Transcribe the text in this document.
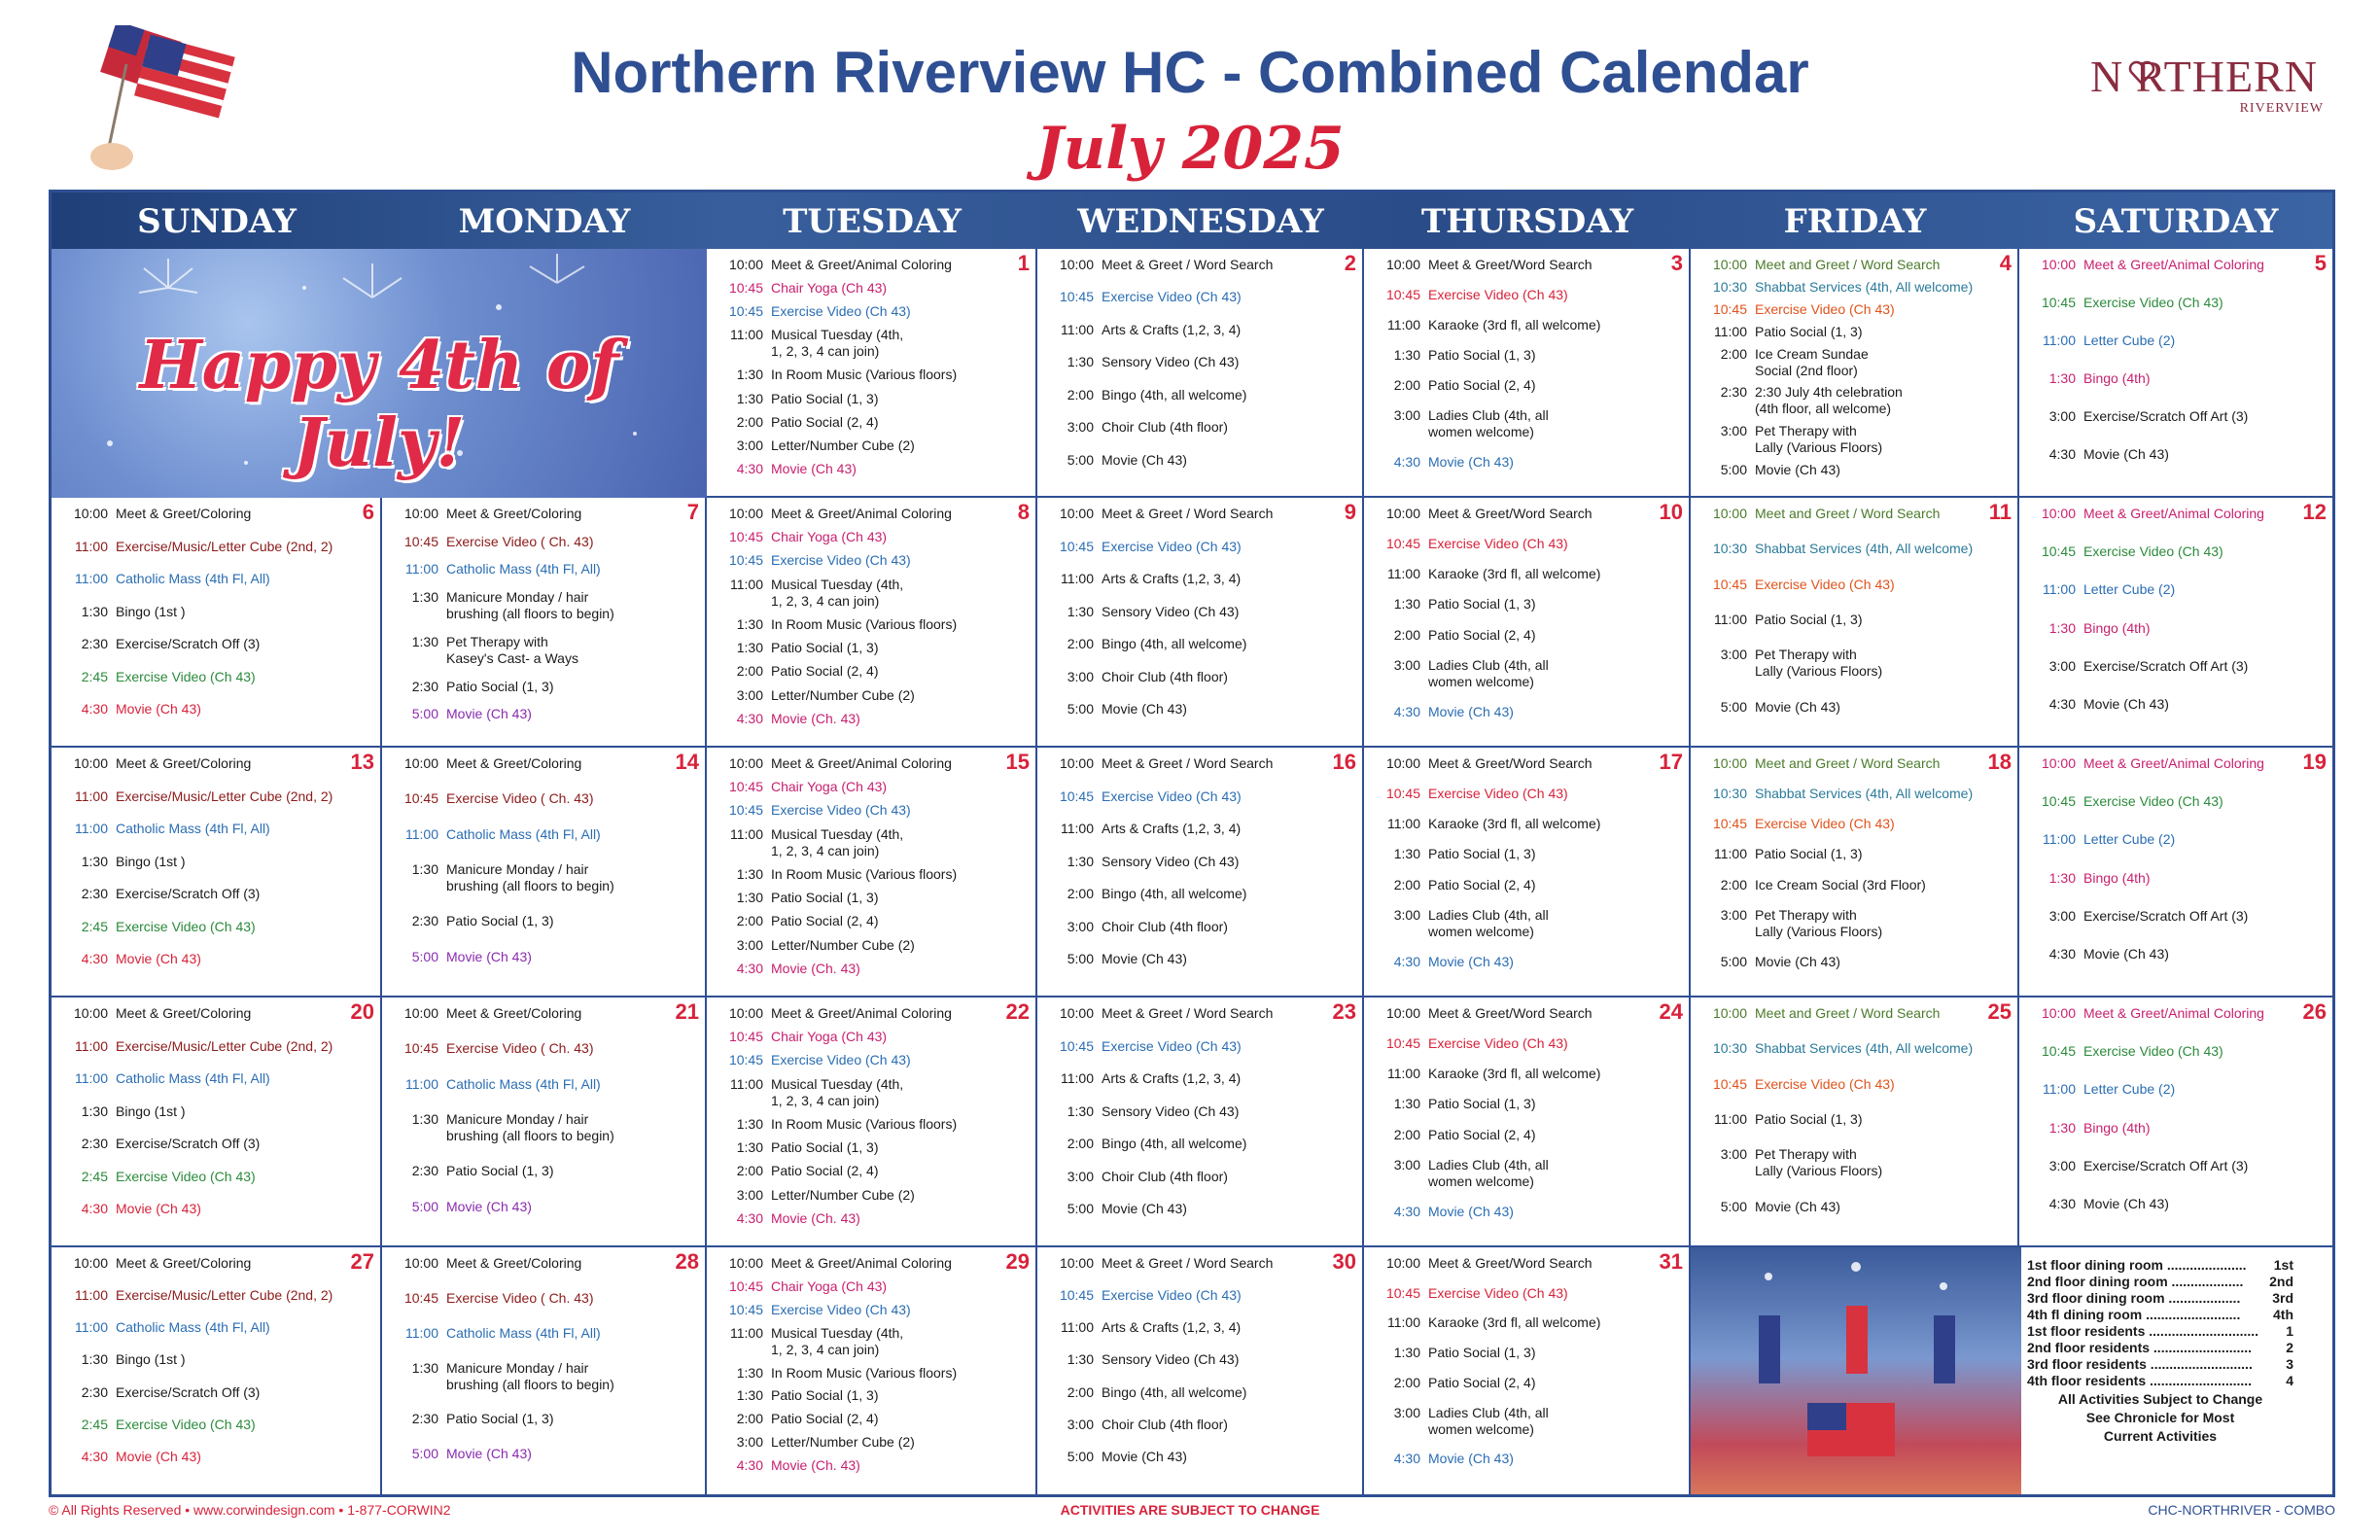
Northern Riverview HC - Combined Calendar
July 2025
N RTHERN
RIVERVIEW
SUNDAY	MONDAY	TUESDAY	WEDNESDAY	THURSDAY	FRIDAY	SATURDAY
Happy 4th of July!
1
10:00 Meet & Greet/Animal Coloring
10:45 Chair Yoga (Ch 43)
10:45 Exercise Video (Ch 43)
11:00 Musical Tuesday (4th,
1, 2, 3, 4 can join)
1:30 In Room Music (Various floors)
1:30 Patio Social (1, 3)
2:00 Patio Social (2, 4)
3:00 Letter/Number Cube (2)
4:30 Movie (Ch 43)
2
10:00 Meet & Greet / Word Search
10:45 Exercise Video (Ch 43)
11:00 Arts & Crafts (1,2, 3, 4)
1:30 Sensory Video (Ch 43)
2:00 Bingo (4th, all welcome)
3:00 Choir Club (4th floor)
5:00 Movie (Ch 43)
3
10:00 Meet & Greet/Word Search
10:45 Exercise Video (Ch 43)
11:00 Karaoke (3rd fl, all welcome)
1:30 Patio Social (1, 3)
2:00 Patio Social (2, 4)
3:00 Ladies Club (4th, all
women welcome)
4:30 Movie (Ch 43)
4
10:00 Meet and Greet / Word Search
10:30 Shabbat Services (4th, All welcome)
10:45 Exercise Video (Ch 43)
11:00 Patio Social (1, 3)
2:00 Ice Cream Sundae
Social (2nd floor)
2:30 2:30 July 4th celebration
(4th floor, all welcome)
3:00 Pet Therapy with
Lally (Various Floors)
5:00 Movie (Ch 43)
5
10:00 Meet & Greet/Animal Coloring
10:45 Exercise Video (Ch 43)
11:00 Letter Cube (2)
1:30 Bingo (4th)
3:00 Exercise/Scratch Off Art (3)
4:30 Movie (Ch 43)
6
10:00 Meet & Greet/Coloring
11:00 Exercise/Music/Letter Cube (2nd, 2)
11:00 Catholic Mass (4th Fl, All)
1:30 Bingo (1st )
2:30 Exercise/Scratch Off (3)
2:45 Exercise Video (Ch 43)
4:30 Movie (Ch 43)
7
10:00 Meet & Greet/Coloring
10:45 Exercise Video ( Ch. 43)
11:00 Catholic Mass (4th Fl, All)
1:30 Manicure Monday / hair
brushing (all floors to begin)
1:30 Pet Therapy with
Kasey's Cast- a Ways
2:30 Patio Social (1, 3)
5:00 Movie (Ch 43)
8
10:00 Meet & Greet/Animal Coloring
10:45 Chair Yoga (Ch 43)
10:45 Exercise Video (Ch 43)
11:00 Musical Tuesday (4th,
1, 2, 3, 4 can join)
1:30 In Room Music (Various floors)
1:30 Patio Social (1, 3)
2:00 Patio Social (2, 4)
3:00 Letter/Number Cube (2)
4:30 Movie (Ch. 43)
9
10:00 Meet & Greet / Word Search
10:45 Exercise Video (Ch 43)
11:00 Arts & Crafts (1,2, 3, 4)
1:30 Sensory Video (Ch 43)
2:00 Bingo (4th, all welcome)
3:00 Choir Club (4th floor)
5:00 Movie (Ch 43)
10
10:00 Meet & Greet/Word Search
10:45 Exercise Video (Ch 43)
11:00 Karaoke (3rd fl, all welcome)
1:30 Patio Social (1, 3)
2:00 Patio Social (2, 4)
3:00 Ladies Club (4th, all
women welcome)
4:30 Movie (Ch 43)
11
10:00 Meet and Greet / Word Search
10:30 Shabbat Services (4th, All welcome)
10:45 Exercise Video (Ch 43)
11:00 Patio Social (1, 3)
3:00 Pet Therapy with
Lally (Various Floors)
5:00 Movie (Ch 43)
12
10:00 Meet & Greet/Animal Coloring
10:45 Exercise Video (Ch 43)
11:00 Letter Cube (2)
1:30 Bingo (4th)
3:00 Exercise/Scratch Off Art (3)
4:30 Movie (Ch 43)
13
10:00 Meet & Greet/Coloring
11:00 Exercise/Music/Letter Cube (2nd, 2)
11:00 Catholic Mass (4th Fl, All)
1:30 Bingo (1st )
2:30 Exercise/Scratch Off (3)
2:45 Exercise Video (Ch 43)
4:30 Movie (Ch 43)
14
10:00 Meet & Greet/Coloring
10:45 Exercise Video ( Ch. 43)
11:00 Catholic Mass (4th Fl, All)
1:30 Manicure Monday / hair
brushing (all floors to begin)
2:30 Patio Social (1, 3)
5:00 Movie (Ch 43)
15
10:00 Meet & Greet/Animal Coloring
10:45 Chair Yoga (Ch 43)
10:45 Exercise Video (Ch 43)
11:00 Musical Tuesday (4th,
1, 2, 3, 4 can join)
1:30 In Room Music (Various floors)
1:30 Patio Social (1, 3)
2:00 Patio Social (2, 4)
3:00 Letter/Number Cube (2)
4:30 Movie (Ch. 43)
16
10:00 Meet & Greet / Word Search
10:45 Exercise Video (Ch 43)
11:00 Arts & Crafts (1,2, 3, 4)
1:30 Sensory Video (Ch 43)
2:00 Bingo (4th, all welcome)
3:00 Choir Club (4th floor)
5:00 Movie (Ch 43)
17
10:00 Meet & Greet/Word Search
10:45 Exercise Video (Ch 43)
11:00 Karaoke (3rd fl, all welcome)
1:30 Patio Social (1, 3)
2:00 Patio Social (2, 4)
3:00 Ladies Club (4th, all
women welcome)
4:30 Movie (Ch 43)
18
10:00 Meet and Greet / Word Search
10:30 Shabbat Services (4th, All welcome)
10:45 Exercise Video (Ch 43)
11:00 Patio Social (1, 3)
2:00 Ice Cream Social (3rd Floor)
3:00 Pet Therapy with
Lally (Various Floors)
5:00 Movie (Ch 43)
19
10:00 Meet & Greet/Animal Coloring
10:45 Exercise Video (Ch 43)
11:00 Letter Cube (2)
1:30 Bingo (4th)
3:00 Exercise/Scratch Off Art (3)
4:30 Movie (Ch 43)
20
10:00 Meet & Greet/Coloring
11:00 Exercise/Music/Letter Cube (2nd, 2)
11:00 Catholic Mass (4th Fl, All)
1:30 Bingo (1st )
2:30 Exercise/Scratch Off (3)
2:45 Exercise Video (Ch 43)
4:30 Movie (Ch 43)
21
10:00 Meet & Greet/Coloring
10:45 Exercise Video ( Ch. 43)
11:00 Catholic Mass (4th Fl, All)
1:30 Manicure Monday / hair
brushing (all floors to begin)
2:30 Patio Social (1, 3)
5:00 Movie (Ch 43)
22
10:00 Meet & Greet/Animal Coloring
10:45 Chair Yoga (Ch 43)
10:45 Exercise Video (Ch 43)
11:00 Musical Tuesday (4th,
1, 2, 3, 4 can join)
1:30 In Room Music (Various floors)
1:30 Patio Social (1, 3)
2:00 Patio Social (2, 4)
3:00 Letter/Number Cube (2)
4:30 Movie (Ch. 43)
23
10:00 Meet & Greet / Word Search
10:45 Exercise Video (Ch 43)
11:00 Arts & Crafts (1,2, 3, 4)
1:30 Sensory Video (Ch 43)
2:00 Bingo (4th, all welcome)
3:00 Choir Club (4th floor)
5:00 Movie (Ch 43)
24
10:00 Meet & Greet/Word Search
10:45 Exercise Video (Ch 43)
11:00 Karaoke (3rd fl, all welcome)
1:30 Patio Social (1, 3)
2:00 Patio Social (2, 4)
3:00 Ladies Club (4th, all
women welcome)
4:30 Movie (Ch 43)
25
10:00 Meet and Greet / Word Search
10:30 Shabbat Services (4th, All welcome)
10:45 Exercise Video (Ch 43)
11:00 Patio Social (1, 3)
3:00 Pet Therapy with
Lally (Various Floors)
5:00 Movie (Ch 43)
26
10:00 Meet & Greet/Animal Coloring
10:45 Exercise Video (Ch 43)
11:00 Letter Cube (2)
1:30 Bingo (4th)
3:00 Exercise/Scratch Off Art (3)
4:30 Movie (Ch 43)
27
10:00 Meet & Greet/Coloring
11:00 Exercise/Music/Letter Cube (2nd, 2)
11:00 Catholic Mass (4th Fl, All)
1:30 Bingo (1st )
2:30 Exercise/Scratch Off (3)
2:45 Exercise Video (Ch 43)
4:30 Movie (Ch 43)
28
10:00 Meet & Greet/Coloring
10:45 Exercise Video ( Ch. 43)
11:00 Catholic Mass (4th Fl, All)
1:30 Manicure Monday / hair
brushing (all floors to begin)
2:30 Patio Social (1, 3)
5:00 Movie (Ch 43)
29
10:00 Meet & Greet/Animal Coloring
10:45 Chair Yoga (Ch 43)
10:45 Exercise Video (Ch 43)
11:00 Musical Tuesday (4th,
1, 2, 3, 4 can join)
1:30 In Room Music (Various floors)
1:30 Patio Social (1, 3)
2:00 Patio Social (2, 4)
3:00 Letter/Number Cube (2)
4:30 Movie (Ch. 43)
30
10:00 Meet & Greet / Word Search
10:45 Exercise Video (Ch 43)
11:00 Arts & Crafts (1,2, 3, 4)
1:30 Sensory Video (Ch 43)
2:00 Bingo (4th, all welcome)
3:00 Choir Club (4th floor)
5:00 Movie (Ch 43)
31
10:00 Meet & Greet/Word Search
10:45 Exercise Video (Ch 43)
11:00 Karaoke (3rd fl, all welcome)
1:30 Patio Social (1, 3)
2:00 Patio Social (2, 4)
3:00 Ladies Club (4th, all
women welcome)
4:30 Movie (Ch 43)
1st floor dining room ..................... 1st
2nd floor dining room ................... 2nd
3rd floor dining room ................... 3rd
4th fl dining room ......................... 4th
1st floor residents ............................. 1
2nd floor residents ..........................	2
3rd floor residents ........................... 3
4th floor residents ...........................	4
All Activities Subject to Change
See Chronicle for Most
Current Activities
© All Rights Reserved • www.corwindesign.com • 1-877-CORWIN2	ACTIVITIES ARE SUBJECT TO CHANGE	CHC-NORTHRIVER - COMBO
